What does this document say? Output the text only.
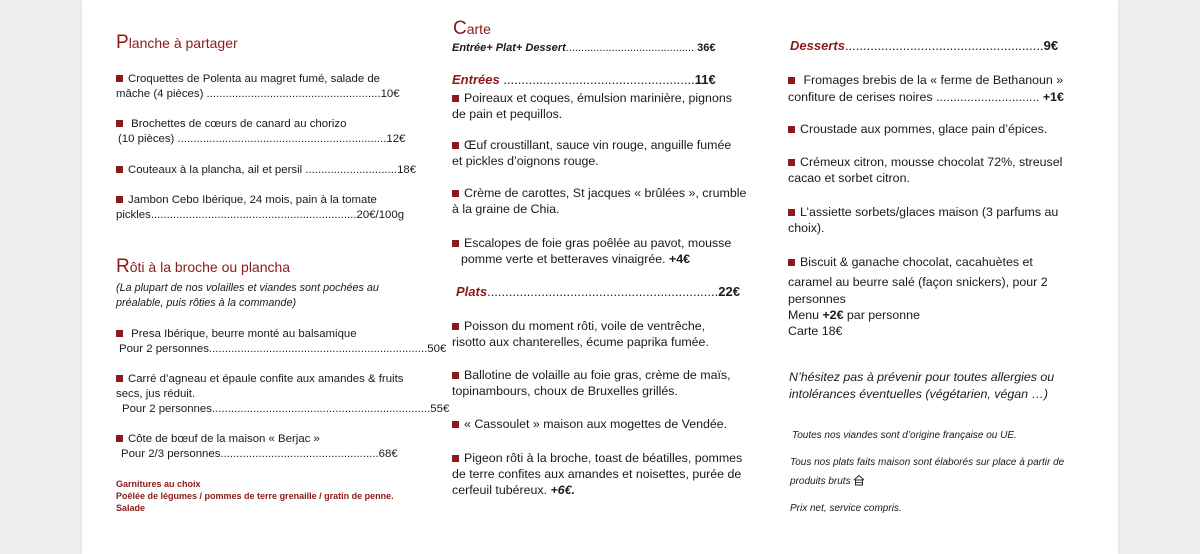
Planche à partager
Croquettes de Polenta au magret fumé, salade de
mâche (4 pièces) .......................................................10€
Brochettes de cœurs de canard au chorizo
(10 pièces) ..................................................................12€
Couteaux à la plancha, ail et persil .............................18€
Jambon Cebo Ibérique, 24 mois, pain à la tomate
pickles.................................................................20€/100g
Rôti à la broche ou plancha
(La plupart de nos volailles et viandes sont pochées au
préalable, puis rôties à la commande)
Presa Ibérique, beurre monté au balsamique
Pour 2 personnes.....................................................................50€
Carré d’agneau et épaule confite aux amandes & fruits
secs, jus réduit.
Pour 2 personnes.....................................................................55€
Côte de bœuf de la maison « Berjac »
Pour 2/3 personnes..................................................68€
Garnitures au choix
Poêlée de légumes / pommes de terre grenaille / gratin de penne.
Salade
Carte
Entrée+ Plat+ Dessert.......................................... 36€
Entrées .....................................................11€
Poireaux et coques, émulsion marinière, pignons
de pain et pequillos.
Œuf croustillant, sauce vin rouge, anguille fumée
et pickles d’oignons rouge.
Crème de carottes, St jacques « brûlées », crumble
à la graine de Chia.
Escalopes de foie gras poêlée au pavot, mousse
pomme verte et betteraves vinaigrée. +4€
Plats................................................................22€
Poisson du moment rôti, voile de ventrêche,
risotto aux chanterelles, écume paprika fumée.
Ballotine de volaille au foie gras, crème de maïs,
topinambours, choux de Bruxelles grillés.
« Cassoulet » maison aux mogettes de Vendée.
Pigeon rôti à la broche, toast de béatilles, pommes
de terre confites aux amandes et noisettes, purée de
cerfeuil tubéreux. +6€.
Desserts.......................................................9€
Fromages brebis de la « ferme de Bethanoun »
confiture de cerises noires .............................. +1€
Croustade aux pommes, glace pain d’épices.
Crémeux citron, mousse chocolat 72%, streusel
cacao et sorbet citron.
L’assiette sorbets/glaces maison (3 parfums au
choix).
Biscuit & ganache chocolat, cacahuètes et
caramel au beurre salé (façon snickers), pour 2
personnes
Menu +2€ par personne
Carte 18€
N’hésitez pas à prévenir pour toutes allergies ou
intolérances éventuelles (végétarien, végan …)
Toutes nos viandes sont d’origine française ou UE.
Tous nos plats faits maison sont élaborés sur place à partir de
produits bruts
Prix net, service compris.
